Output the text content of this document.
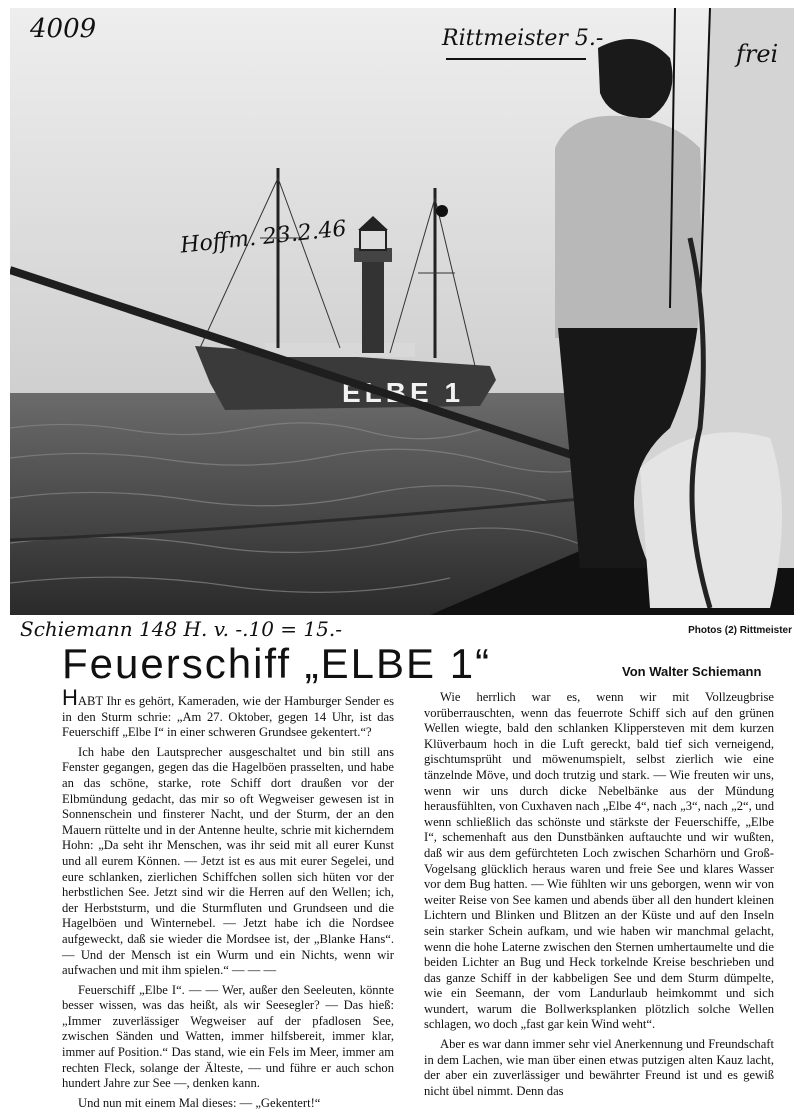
ELBE 1
4009	Rittmeister 5.-
frei
Hoffm. 23.2.46
Schiemann 148 H. v. -.10 = 15.-	Photos (2) Rittmeister
Feuerschiff „ELBE 1“	Von Walter Schiemann

HABT Ihr es gehört, Kameraden, wie der Hamburger Sender es in den Sturm schrie: „Am 27. Oktober, gegen 14 Uhr, ist das Feuerschiff „Elbe I“ in einer schweren Grundsee gekentert.“?

Ich habe den Lautsprecher ausgeschaltet und bin still ans Fenster gegangen, gegen das die Hagelböen prasselten, und habe an das schöne, starke, rote Schiff dort draußen vor der Elbmündung gedacht, das mir so oft Wegweiser gewesen ist in Sonnenschein und finsterer Nacht, und der Sturm, der an den Mauern rüttelte und in der Antenne heulte, schrie mit kicherndem Hohn: „Da seht ihr Menschen, was ihr seid mit all eurer Kunst und all eurem Können. — Jetzt ist es aus mit eurer Segelei, und eure schlanken, zierlichen Schiffchen sollen sich hüten vor der herbstlichen See. Jetzt sind wir die Herren auf den Wellen; ich, der Herbststurm, und die Sturmfluten und Grundseen und die Hagelböen und Winternebel. — Jetzt habe ich die Nordsee aufgeweckt, daß sie wieder die Mordsee ist, der „Blanke Hans“. — Und der Mensch ist ein Wurm und ein Nichts, wenn wir aufwachen und mit ihm spielen.“ — — —

Feuerschiff „Elbe I“. — — Wer, außer den Seeleuten, könnte besser wissen, was das heißt, als wir Seesegler? — Das hieß: „Immer zuverlässiger Wegweiser auf der pfadlosen See, zwischen Sänden und Watten, immer hilfsbereit, immer klar, immer auf Position.“ Das stand, wie ein Fels im Meer, immer am rechten Fleck, solange der Älteste, — und führe er auch schon hundert Jahre zur See —, denken kann.

Und nun mit einem Mal dieses: — „Gekentert!“

Wie herrlich war es, wenn wir mit Vollzeugbrise vorüberrauschten, wenn das feuerrote Schiff sich auf den grünen Wellen wiegte, bald den schlanken Klippersteven mit dem kurzen Klüverbaum hoch in die Luft gereckt, bald tief sich verneigend, gischtumsprüht und möwenumspielt, selbst zierlich wie eine tänzelnde Möve, und doch trutzig und stark. — Wie freuten wir uns, wenn wir uns durch dicke Nebelbänke aus der Mündung herausfühlten, von Cuxhaven nach „Elbe 4“, nach „3“, nach „2“, und wenn schließlich das schönste und stärkste der Feuerschiffe, „Elbe I“, schemenhaft aus den Dunstbänken auftauchte und wir wußten, daß wir aus dem gefürchteten Loch zwischen Scharhörn und Groß-Vogelsang glücklich heraus waren und freie See und klares Wasser vor dem Bug hatten. — Wie fühlten wir uns geborgen, wenn wir von weiter Reise von See kamen und abends über all den hundert kleinen Lichtern und Blinken und Blitzen an der Küste und auf den Inseln sein starker Schein aufkam, und wie haben wir manchmal gelacht, wenn die hohe Laterne zwischen den Sternen umhertaumelte und die beiden Lichter an Bug und Heck torkelnde Kreise beschrieben und das ganze Schiff in der kabbeligen See und dem Sturm dümpelte, wie ein Seemann, der vom Landurlaub heimkommt und sich wundert, warum die Bollwerksplanken plötzlich solche Wellen schlagen, wo doch „fast gar kein Wind weht“.

Aber es war dann immer sehr viel Anerkennung und Freundschaft in dem Lachen, wie man über einen etwas putzigen alten Kauz lacht, der aber ein zuverlässiger und bewährter Freund ist und es gewiß nicht übel nimmt. Denn das
